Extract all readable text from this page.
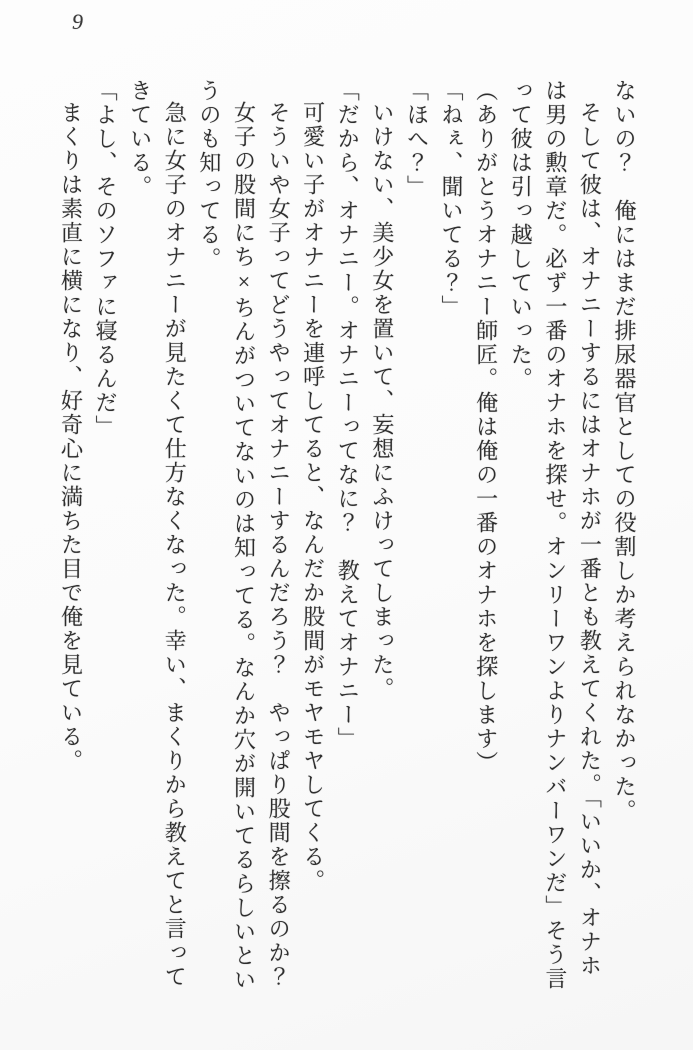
9

ないの？　俺にはまだ排尿器官としての役割しか考えられなかった。

そして彼は、オナニーするにはオナホが一番とも教えてくれた。「いいか、オナホは男の勲章だ。必ず一番のオナホを探せ。オンリーワンよりナンバーワンだ」そう言って彼は引っ越していった。

（ありがとうオナニー師匠。俺は俺の一番のオナホを探します）

「ねぇ、聞いてる？」

「ほへ？」

いけない、美少女を置いて、妄想にふけってしまった。

「だから、オナニー。オナニーってなに？　教えてオナニー」

可愛い子がオナニーを連呼してると、なんだか股間がモヤモヤしてくる。

そういや女子ってどうやってオナニーするんだろう？　やっぱり股間を擦るのか？

女子の股間にち×ちんがついてないのは知ってる。なんか穴が開いてるらしいというのも知ってる。

急に女子のオナニーが見たくて仕方なくなった。幸い、まくりから教えてと言ってきている。

「よし、そのソファに寝るんだ」

まくりは素直に横になり、好奇心に満ちた目で俺を見ている。
